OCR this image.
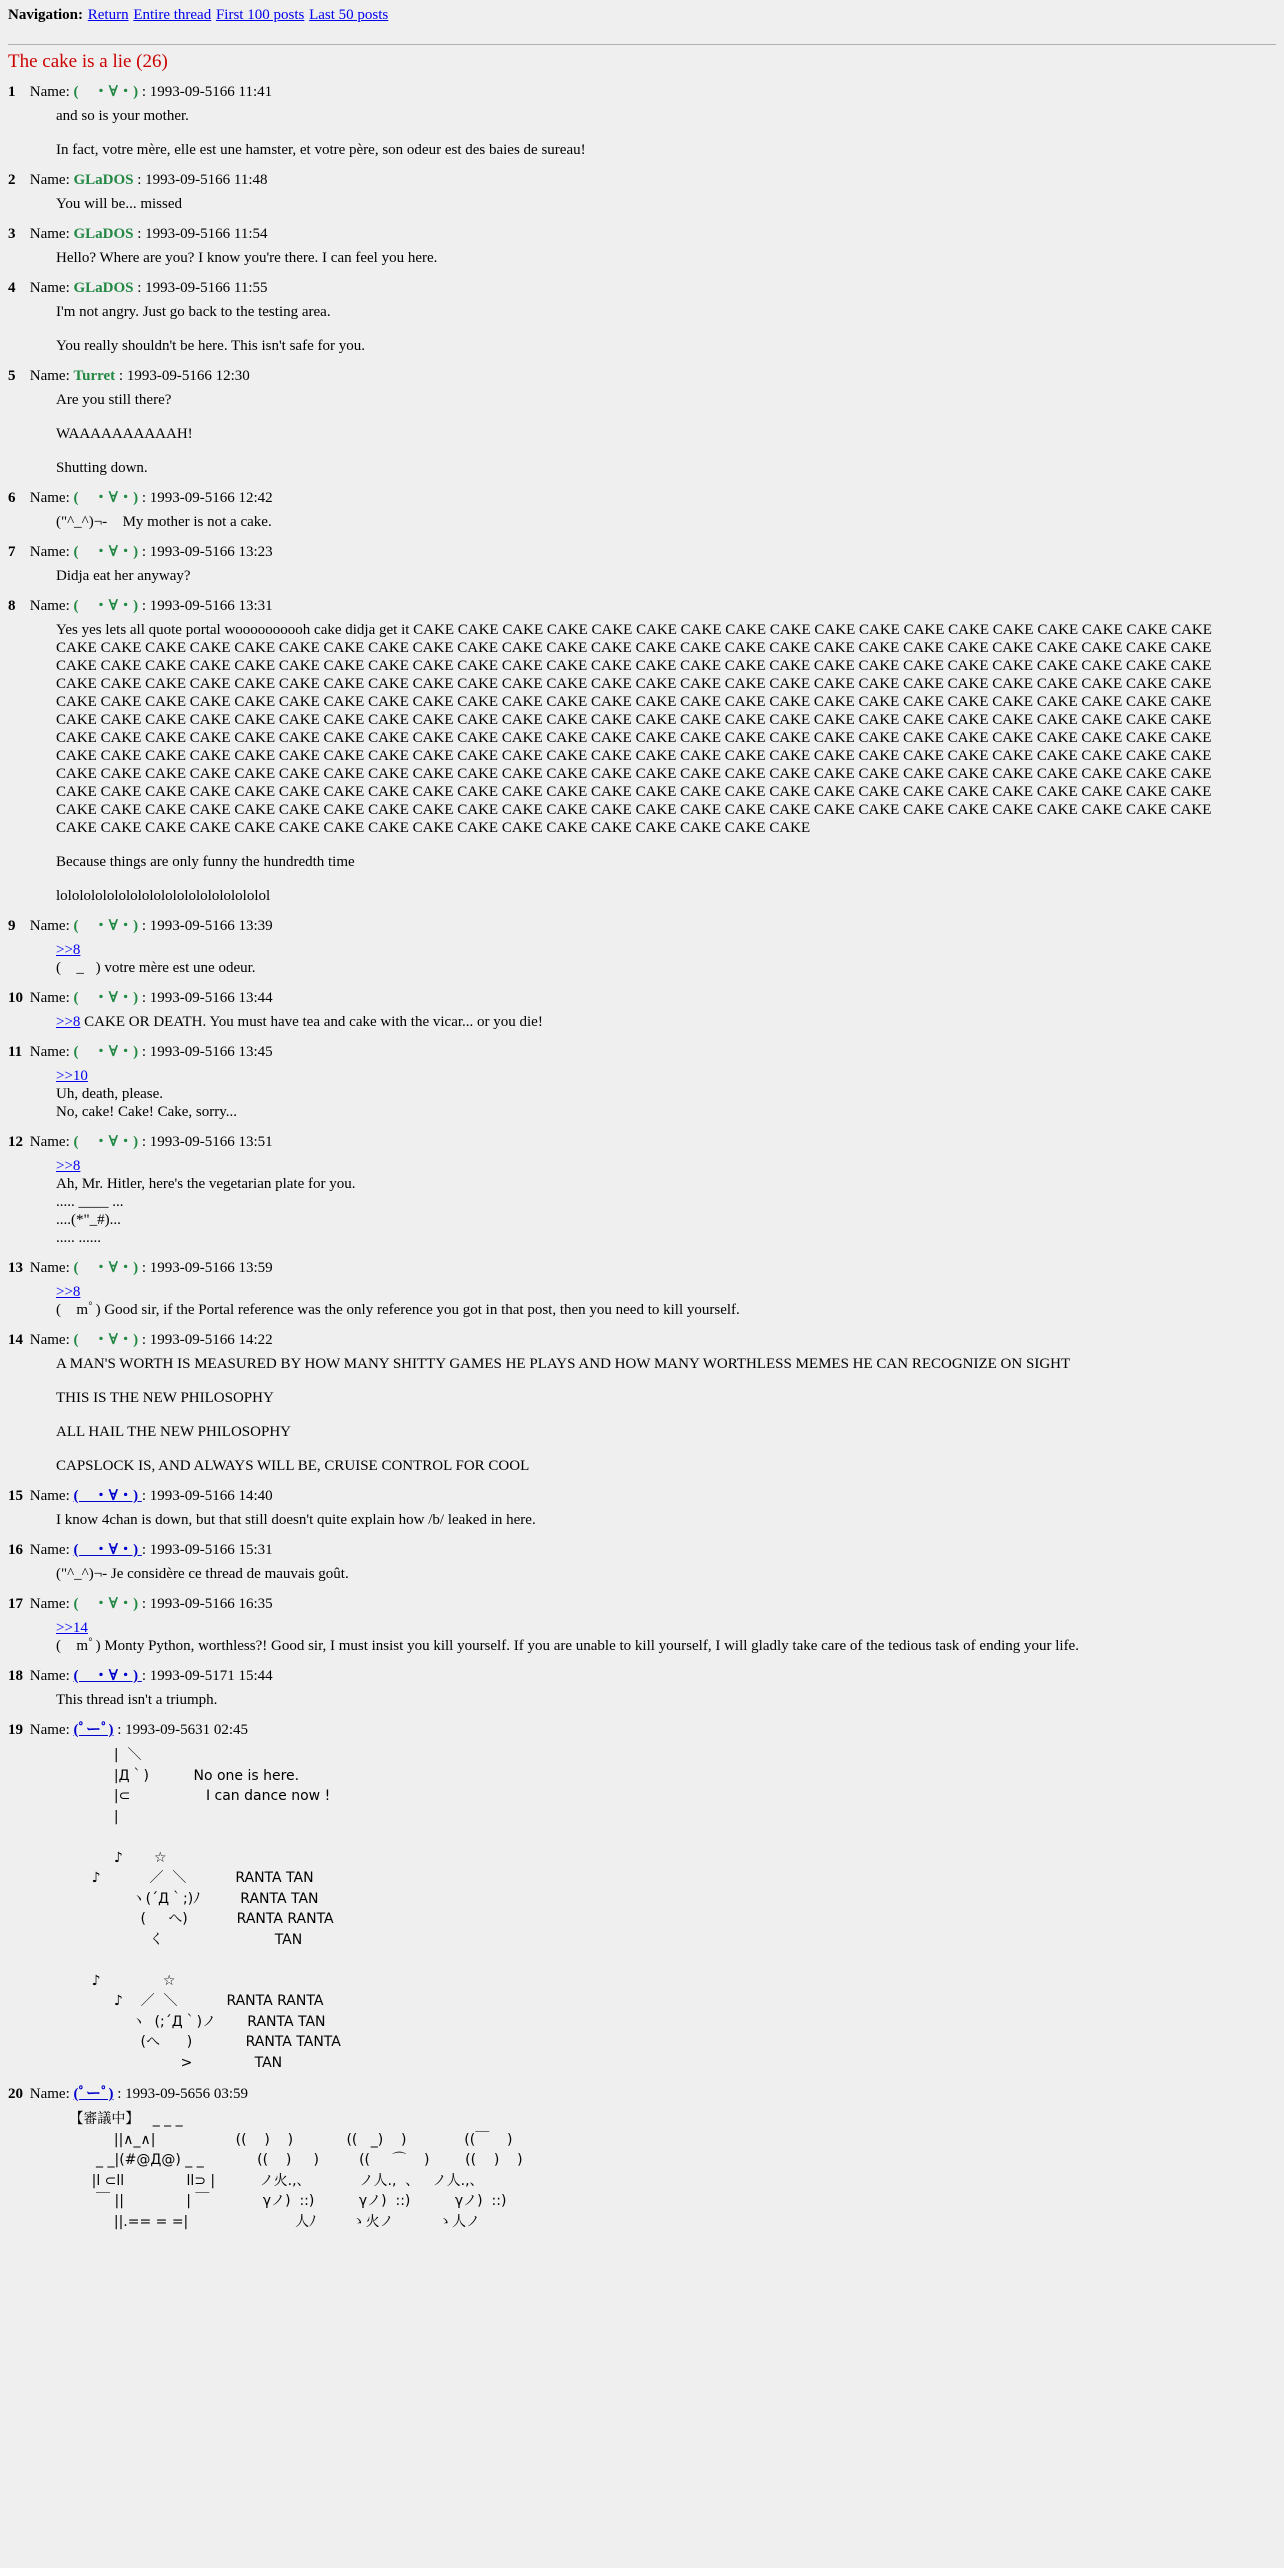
Navigation: Return Entire thread First 100 posts Last 50 posts
The cake is a lie (26)
1 Name: (　・∀・) : 1993-09-5166 11:41

and so is your mother.

In fact, votre mère, elle est une hamster, et votre père, son odeur est des baies de sureau!

2 Name: GLaDOS : 1993-09-5166 11:48

You will be... missed

3 Name: GLaDOS : 1993-09-5166 11:54

Hello? Where are you? I know you're there. I can feel you here.

4 Name: GLaDOS : 1993-09-5166 11:55

I'm not angry. Just go back to the testing area.

You really shouldn't be here. This isn't safe for you.

5 Name: Turret : 1993-09-5166 12:30

Are you still there?

WAAAAAAAAAAH!

Shutting down.

6 Name: (　・∀・) : 1993-09-5166 12:42

("^_^)¬-ﾟ My mother is not a cake.

7 Name: (　・∀・) : 1993-09-5166 13:23

Didja eat her anyway?

8 Name: (　・∀・) : 1993-09-5166 13:31
Yes yes lets all quote portal woooooooooh cake didja get it CAKE CAKE CAKE CAKE CAKE CAKE CAKE CAKE CAKE CAKE CAKE CAKE CAKE CAKE CAKE CAKE CAKE CAKE CAKE CAKE CAKE CAKE CAKE CAKE CAKE CAKE CAKE CAKE CAKE CAKE CAKE CAKE CAKE CAKE CAKE CAKE CAKE CAKE CAKE CAKE CAKE CAKE CAKE CAKE CAKE CAKE CAKE CAKE CAKE CAKE CAKE CAKE CAKE CAKE CAKE CAKE CAKE CAKE CAKE CAKE CAKE CAKE CAKE CAKE CAKE CAKE CAKE CAKE CAKE CAKE CAKE CAKE CAKE CAKE CAKE CAKE CAKE CAKE CAKE CAKE CAKE CAKE CAKE CAKE CAKE CAKE CAKE CAKE CAKE CAKE CAKE CAKE CAKE CAKE CAKE CAKE CAKE CAKE CAKE CAKE CAKE CAKE CAKE CAKE CAKE CAKE CAKE CAKE CAKE CAKE CAKE CAKE CAKE CAKE CAKE CAKE CAKE CAKE CAKE CAKE CAKE CAKE CAKE CAKE CAKE CAKE CAKE CAKE CAKE CAKE CAKE CAKE CAKE CAKE CAKE CAKE CAKE CAKE CAKE CAKE CAKE CAKE CAKE CAKE CAKE CAKE CAKE CAKE CAKE CAKE CAKE CAKE CAKE CAKE CAKE CAKE CAKE CAKE CAKE CAKE CAKE CAKE CAKE CAKE CAKE CAKE CAKE CAKE CAKE CAKE CAKE CAKE CAKE CAKE CAKE CAKE CAKE CAKE CAKE CAKE CAKE CAKE CAKE CAKE CAKE CAKE CAKE CAKE CAKE CAKE CAKE CAKE CAKE CAKE CAKE CAKE CAKE CAKE CAKE CAKE CAKE CAKE CAKE CAKE CAKE CAKE CAKE CAKE CAKE CAKE CAKE CAKE CAKE CAKE CAKE CAKE CAKE CAKE CAKE CAKE CAKE CAKE CAKE CAKE CAKE CAKE CAKE CAKE CAKE CAKE CAKE CAKE CAKE CAKE CAKE CAKE CAKE CAKE CAKE CAKE CAKE CAKE CAKE CAKE CAKE CAKE CAKE CAKE CAKE CAKE CAKE CAKE CAKE CAKE CAKE CAKE CAKE CAKE CAKE CAKE CAKE CAKE CAKE CAKE CAKE CAKE CAKE CAKE CAKE CAKE CAKE CAKE CAKE CAKE CAKE CAKE CAKE CAKE CAKE CAKE CAKE CAKE CAKE CAKE CAKE CAKE CAKE CAKE CAKE CAKE CAKE CAKE CAKE CAKE CAKE

Because things are only funny the hundredth time

lolololololololololololololololololol

9 Name: (　・∀・) : 1993-09-5166 13:39
>>8

( ﾟ_ﾟ) votre mère est une odeur.

10 Name: (　・∀・) : 1993-09-5166 13:44

>>8 CAKE OR DEATH. You must have tea and cake with the vicar... or you die!

11 Name: (　・∀・) : 1993-09-5166 13:45
>>10

Uh, death, please.
No, cake! Cake! Cake, sorry...

12 Name: (　・∀・) : 1993-09-5166 13:51
>>8

Ah, Mr. Hitler, here's the vegetarian plate for you.
..... ____ ...
....(*"_#)...
..... ......

13 Name: (　・∀・) : 1993-09-5166 13:59
>>8

( ﾟmﾟ) Good sir, if the Portal reference was the only reference you got in that post, then you need to kill yourself.

14 Name: (　・∀・) : 1993-09-5166 14:22

A MAN'S WORTH IS MEASURED BY HOW MANY SHITTY GAMES HE PLAYS AND HOW MANY WORTHLESS MEMES HE CAN RECOGNIZE ON SIGHT

THIS IS THE NEW PHILOSOPHY

ALL HAIL THE NEW PHILOSOPHY

CAPSLOCK IS, AND ALWAYS WILL BE, CRUISE CONTROL FOR COOL

15 Name: (　・∀・) : 1993-09-5166 14:40

I know 4chan is down, but that still doesn't quite explain how /b/ leaked in here.

16 Name: (　・∀・) : 1993-09-5166 15:31

("^_^)¬- Je considère ce thread de mauvais goût.

17 Name: (　・∀・) : 1993-09-5166 16:35
>>14

( ﾟmﾟ) Monty Python, worthless?! Good sir, I must insist you kill yourself. If you are unable to kill yourself, I will gladly take care of the tedious task of ending your life.

18 Name: (　・∀・) : 1993-09-5171 15:44

This thread isn't a triumph.

19 Name: (ﾟーﾟ) : 1993-09-5631 02:45
|  ＼
|Д｀)          No one is here.
|⊂                 I can dance now !
|

♪       ☆
♪           ／  ＼           RANTA TAN
ヽ(´Д｀;)ﾉ         RANTA TAN
(     へ)           RANTA RANTA
く                         TAN

♪              ☆
♪    ／  ＼           RANTA RANTA
ヽ  (;´Д｀)ノ       RANTA TAN
(へ      )            RANTA TANTA
>              TAN
20 Name: (ﾟーﾟ) : 1993-09-5656 03:59
【審議中】   _ _ _
||∧_∧|                  ((    )    )            ((   _)    )             ((￣    )
_ _|(#@Д@) _ _            ((    )     )         ((     ⌒    )        ((    )    )
|l ⊂ll              ll⊃ |          ノ火.,、           ノ人.,  、   ノ人.,、
￣ ||              | ￣            γノ)  ::)          γノ)  ::)          γノ)  ::)
||.== = =|                        人ﾉ        ゝ火ノ          ゝ人ノ
